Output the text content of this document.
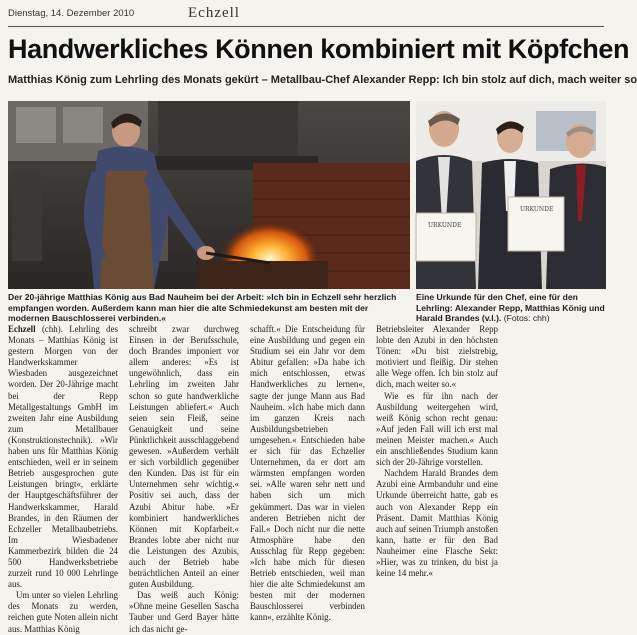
Dienstag, 14. Dezember 2010	Echzell
Handwerkliches Können kombiniert mit Köpfchen
Matthias König zum Lehrling des Monats gekürt – Metallbau-Chef Alexander Repp: Ich bin stolz auf dich, mach weiter so
URKUNDE
URKUNDE
Der 20-jährige Matthias König aus Bad Nauheim bei der Arbeit: »Ich bin in Echzell sehr herzlich empfangen worden. Außerdem kann man hier die alte Schmiedekunst am besten mit der modernen Bauschlosserei verbinden.«
Eine Urkunde für den Chef, eine für den Lehrling: Alexander Repp, Matthias König und Harald Brandes (v.l.). (Fotos: chh)

Echzell (chh). Lehrling des Monats – Matthias König ist gestern Morgen von der Handwerkskammer Wiesbaden ausgezeichnet worden. Der 20-Jährige macht bei der Repp Metallgestaltungs GmbH im zweiten Jahr eine Ausbildung zum Metallbauer (Konstruktionstechnik). »Wir haben uns für Matthias König entschieden, weil er in seinem Betrieb ausgesprochen gute Leistungen bringt«, erklärte der Hauptgeschäftsführer der Handwerkskammer, Harald Brandes, in den Räumen der Echzeller Metallbaubetriebs. Im Wiesbadener Kammerbezirk bilden die 24 500 Handwerksbetriebe zurzeit rund 10 000 Lehrlinge aus.

Um unter so vielen Lehrling des Monats zu werden, reichen gute Noten allein nicht aus. Matthias König

schreibt zwar durchweg Einsen in der Berufsschule, doch Brandes imponiert vor allem anderes: »Es ist ungewöhnlich, dass ein Lehrling im zweiten Jahr schon so gute handwerkliche Leistungen abliefert.« Auch seien sein Fleiß, seine Genauigkeit und seine Pünktlichkeit ausschlaggebend gewesen. »Außerdem verhält er sich vorbildlich gegenüber den Kunden. Das ist für ein Unternehmen sehr wichtig.« Positiv sei auch, dass der Azubi Abitur habe. »Er kombiniert handwerkliches Können mit Kopfarbeit.« Brandes lobte aber nicht nur die Leistungen des Azubis, auch der Betrieb habe beträchtlichen Anteil an einer guten Ausbildung.

Das weiß auch König: »Ohne meine Gesellen Sascha Tauber und Gerd Bayer hätte ich das nicht ge-

schafft.« Die Entscheidung für eine Ausbildung und gegen ein Studium sei ein Jahr vor dem Abitur gefallen: »Da habe ich mich entschlossen, etwas Handwerkliches zu lernen«, sagte der junge Mann aus Bad Nauheim. »Ich habe mich dann im ganzen Kreis nach Ausbildungsbetrieben umgesehen.« Entschieden habe er sich für das Echzeller Unternehmen, da er dort am wärmsten empfangen worden sei. »Alle waren sehr nett und haben sich um mich gekümmert. Das war in vielen anderen Betrieben nicht der Fall.« Doch nicht nur die nette Atmosphäre habe den Ausschlag für Repp gegeben: »Ich habe mich für diesen Betrieb entschieden, weil man hier die alte Schmiedekunst am besten mit der modernen Bauschlosserei verbinden kann«, erzählte König.

Betriebsleiter Alexander Repp lobte den Azubi in den höchsten Tönen: »Du bist zielstrebig, motiviert und fleißig. Dir stehen alle Wege offen. Ich bin stolz auf dich, mach weiter so.«

Wie es für ihn nach der Ausbildung weitergehen wird, weiß König schon recht genau: »Auf jeden Fall will ich erst mal meinen Meister machen.« Auch ein anschließendes Studium kann sich der 20-Jährige vorstellen.

Nachdem Harald Brandes dem Azubi eine Armbanduhr und eine Urkunde überreicht hatte, gab es auch von Alexander Repp ein Präsent. Damit Matthias König auch auf seinen Triumph anstoßen kann, hatte er für den Bad Nauheimer eine Flasche Sekt: »Hier, was zu trinken, du bist ja keine 14 mehr.«
